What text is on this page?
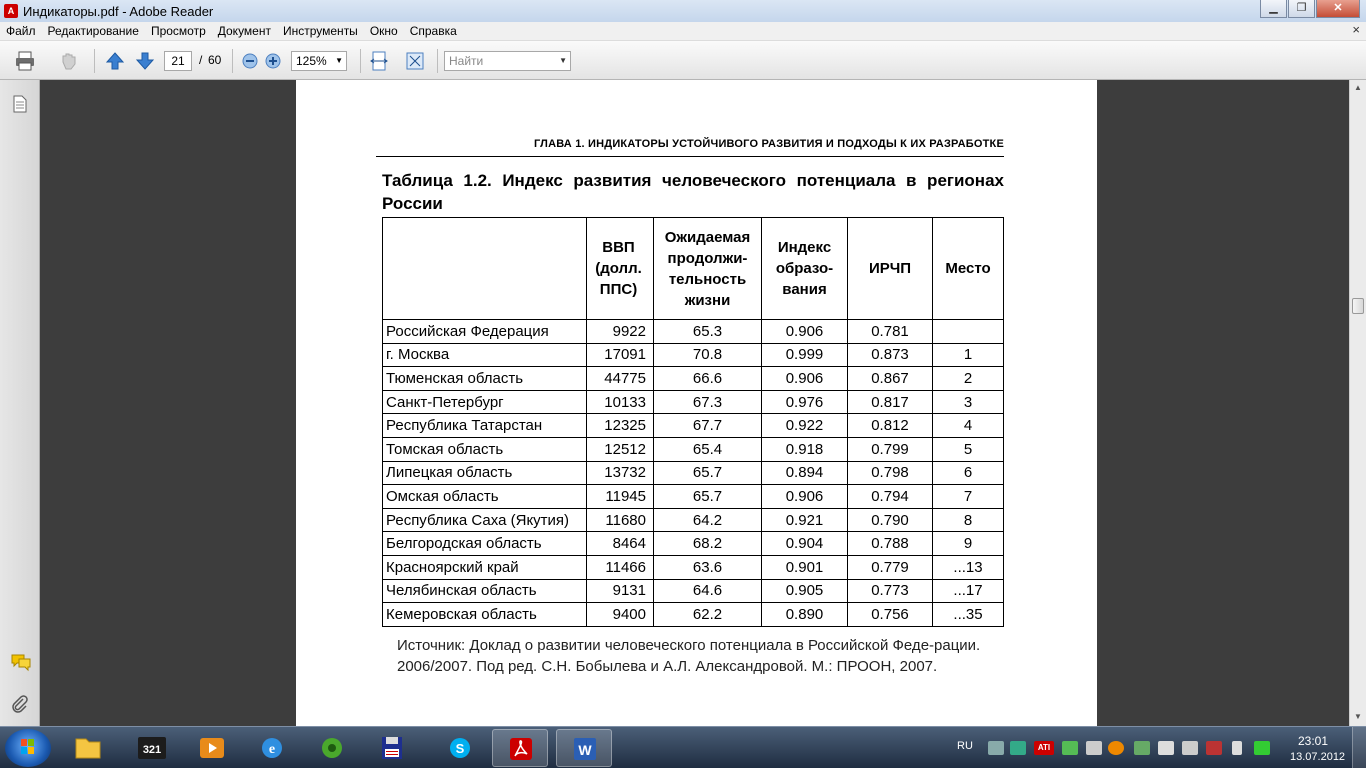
A Индикаторы.pdf - Adobe Reader	▁	❐	✕
Файл	Редактирование	Просмотр	Документ	Инструменты	Окно	Справка	×
21	/ 60	125% ▼	Найти	▼
ГЛАВА 1. ИНДИКАТОРЫ УСТОЙЧИВОГО РАЗВИТИЯ И ПОДХОДЫ К ИХ РАЗРАБОТКЕ
Таблица 1.2. Индекс развития человеческого потенциала в регионах России
	ВВП (долл. ППС)	Ожидаемая продолжи-тельность жизни	Индекс образо-вания	ИРЧП	Место
Российская Федерация	9922	65.3	0.906	0.781	
г. Москва	17091	70.8	0.999	0.873	1
Тюменская область	44775	66.6	0.906	0.867	2
Санкт-Петербург	10133	67.3	0.976	0.817	3
Республика Татарстан	12325	67.7	0.922	0.812	4
Томская область	12512	65.4	0.918	0.799	5
Липецкая область	13732	65.7	0.894	0.798	6
Омская область	11945	65.7	0.906	0.794	7
Республика Саха (Якутия)	11680	64.2	0.921	0.790	8
Белгородская область	8464	68.2	0.904	0.788	9
Красноярский край	11466	63.6	0.901	0.779	...13
Челябинская область	9131	64.6	0.905	0.773	...17
Кемеровская область	9400	62.2	0.890	0.756	...35
Источник: Доклад о развитии человеческого потенциала в Российской Феде-рации. 2006/2007. Под ред. С.Н. Бобылева и А.Л. Александровой. М.: ПРООН, 2007.
▲
▼
321	e	S	W	RU	ATI	23:01
13.07.2012
